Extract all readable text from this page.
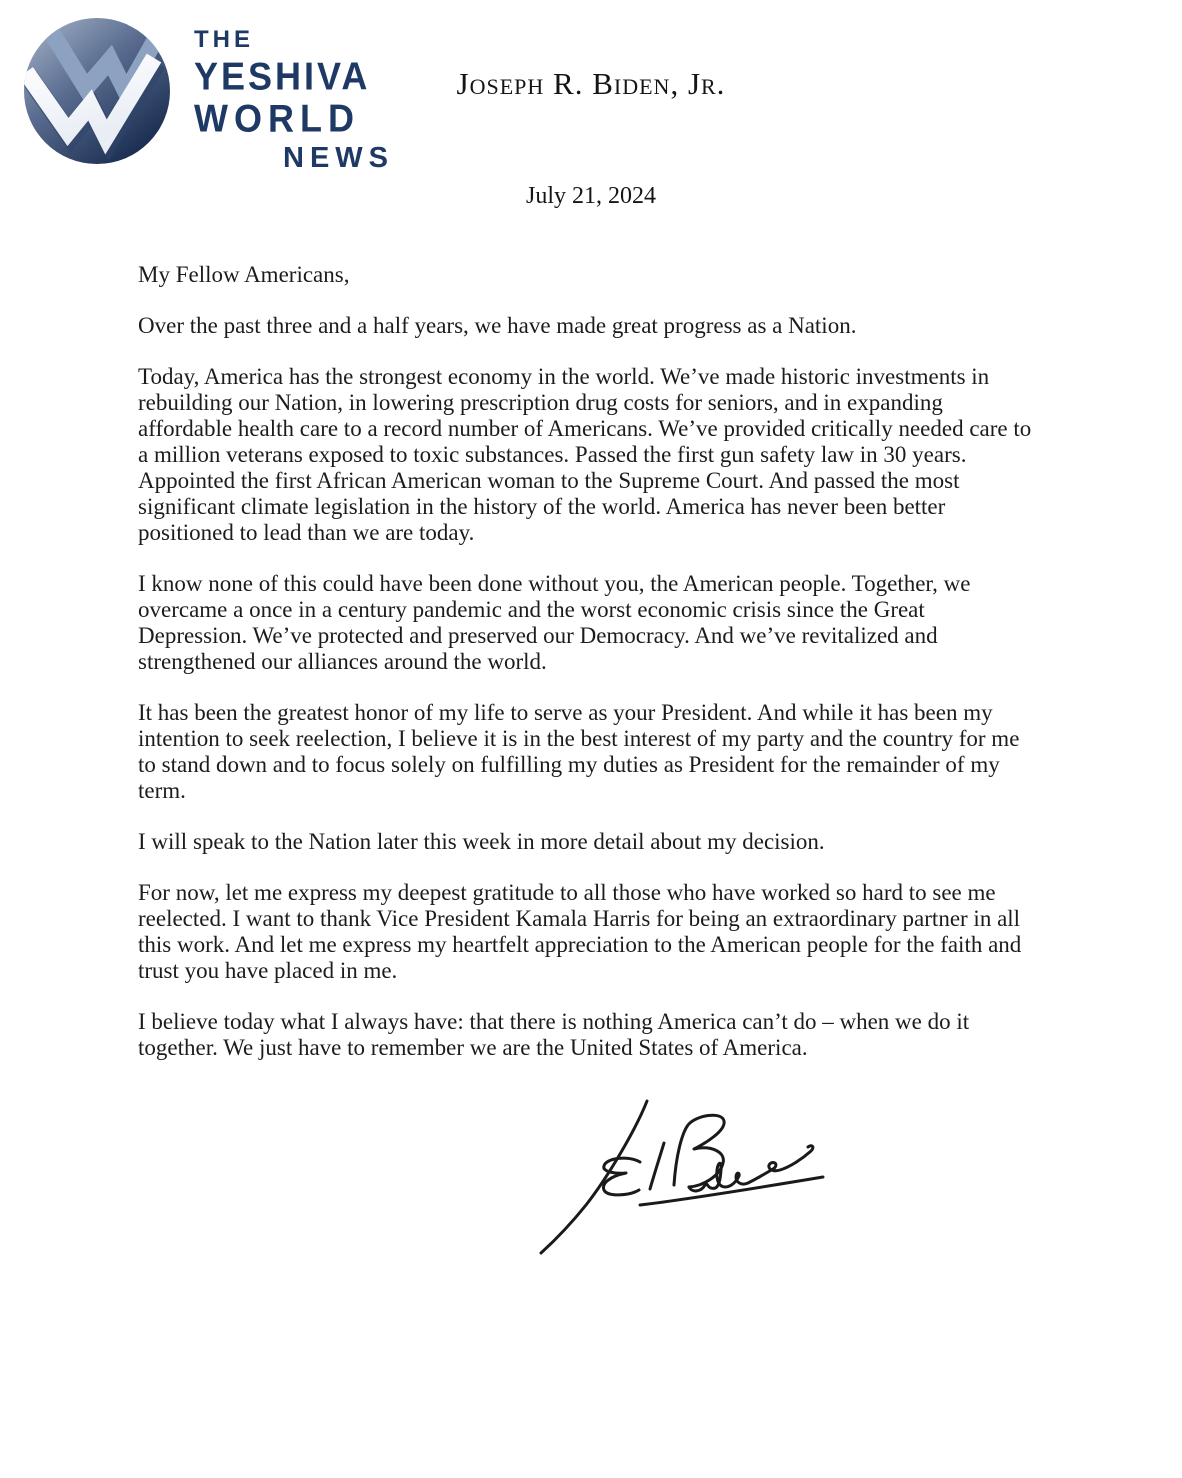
THE
YESHIVA
WORLD
NEWS
Joseph R. Biden, Jr.
July 21, 2024

My Fellow Americans,

Over the past three and a half years, we have made great progress as a Nation.

Today, America has the strongest economy in the world. We’ve made historic investments in rebuilding our Nation, in lowering prescription drug costs for seniors, and in expanding affordable health care to a record number of Americans. We’ve provided critically needed care to a million veterans exposed to toxic substances. Passed the first gun safety law in 30 years. Appointed the first African American woman to the Supreme Court. And passed the most significant climate legislation in the history of the world. America has never been better positioned to lead than we are today.

I know none of this could have been done without you, the American people. Together, we overcame a once in a century pandemic and the worst economic crisis since the Great Depression. We’ve protected and preserved our Democracy. And we’ve revitalized and strengthened our alliances around the world.

It has been the greatest honor of my life to serve as your President. And while it has been my intention to seek reelection, I believe it is in the best interest of my party and the country for me to stand down and to focus solely on fulfilling my duties as President for the remainder of my term.

I will speak to the Nation later this week in more detail about my decision.

For now, let me express my deepest gratitude to all those who have worked so hard to see me reelected. I want to thank Vice President Kamala Harris for being an extraordinary partner in all this work. And let me express my heartfelt appreciation to the American people for the faith and trust you have placed in me.

I believe today what I always have: that there is nothing America can’t do – when we do it together. We just have to remember we are the United States of America.
